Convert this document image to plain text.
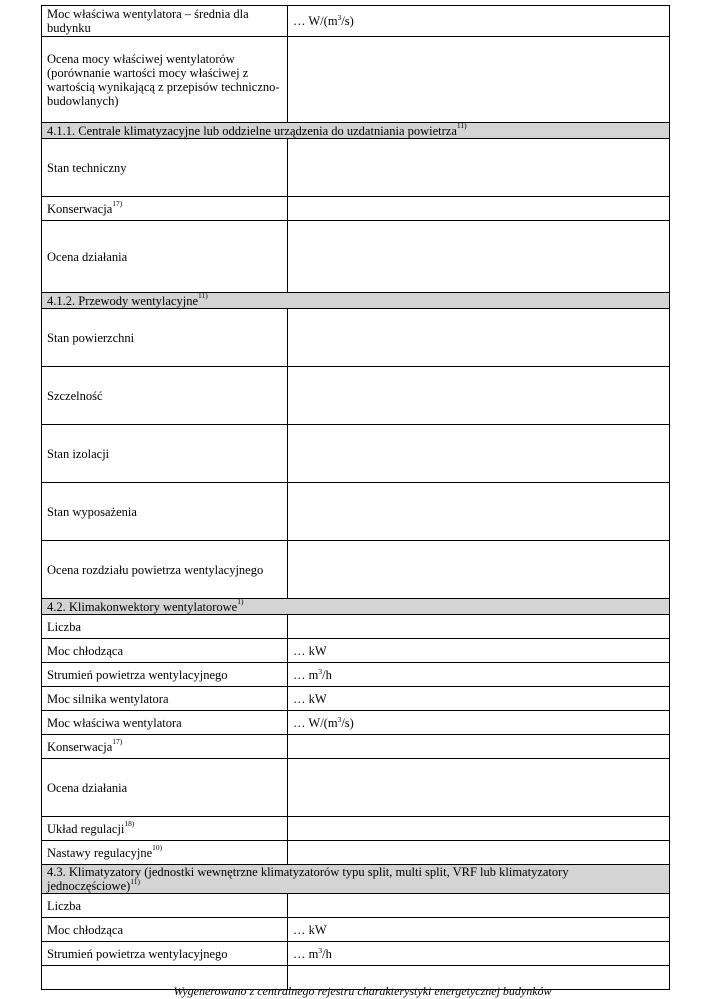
Moc właściwa wentylatora – średnia dla budynku	… $W/(m^3/s)$
Ocena mocy właściwej wentylatorów (porównanie wartości mocy właściwej z wartością wynikającą z przepisów techniczno-budowlanych)	
4.1.1. Centrale klimatyzacyjne lub oddzielne urządzenia do uzdatniania powietrza$^{11)}$
Stan techniczny	
Konserwacja$^{17)}$	
Ocena działania	
4.1.2. Przewody wentylacyjne$^{11)}$
Stan powierzchni	
Szczelność	
Stan izolacji	
Stan wyposażenia	
Ocena rozdziału powietrza wentylacyjnego	
4.2. Klimakonwektory wentylatorowe$^{1)}$
Liczba	
Moc chłodząca	… kW
Strumień powietrza wentylacyjnego	… $m^3/h$
Moc silnika wentylatora	… kW
Moc właściwa wentylatora	… $W/(m^3/s)$
Konserwacja$^{17)}$	
Ocena działania	
Układ regulacji$^{18)}$	
Nastawy regulacyjne$^{10)}$	
4.3. Klimatyzatory (jednostki wewnętrzne klimatyzatorów typu split, multi split, VRF lub klimatyzatory jednoczęściowe)$^{11)}$
Liczba	
Moc chłodząca	… kW
Strumień powietrza wentylacyjnego	… $m^3/h$

Wygenerowano z centralnego rejestru charakterystyki energetycznej budynków
